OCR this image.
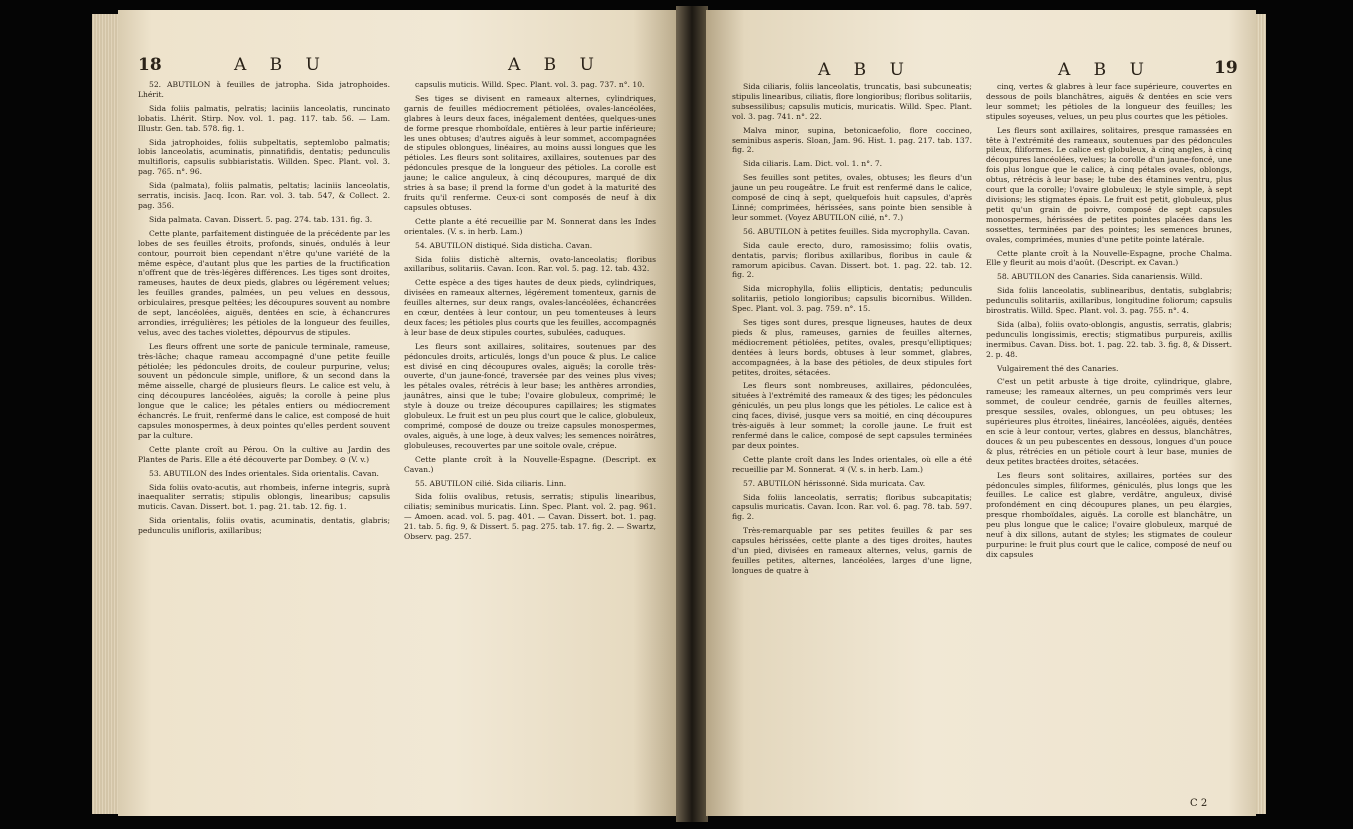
18	A B U	A B U

52. ABUTILON à feuilles de jatropha. Sida jatrophoides. Lhérit.

Sida foliis palmatis, pelratis; laciniis lanceolatis, runcinato lobatis. Lhérit. Stirp. Nov. vol. 1. pag. 117. tab. 56. — Lam. Illustr. Gen. tab. 578. fig. 1.

Sida jatrophoides, foliis subpeltatis, septemlobo palmatis; lobis lanceolatis, acuminatis, pinnatifidis, dentatis; pedunculis multifloris, capsulis subbiaristatis. Willden. Spec. Plant. vol. 3. pag. 765. n°. 96.

Sida (palmata), foliis palmatis, peltatis; laciniis lanceolatis, serratis, incisis. Jacq. Icon. Rar. vol. 3. tab. 547, & Collect. 2. pag. 356.

Sida palmata. Cavan. Dissert. 5. pag. 274. tab. 131. fig. 3.

Cette plante, parfaitement distinguée de la précédente par les lobes de ses feuilles étroits, profonds, sinués, ondulés à leur contour, pourroit bien cependant n'être qu'une variété de la même espèce, d'autant plus que les parties de la fructification n'offrent que de très-légères différences. Les tiges sont droites, rameuses, hautes de deux pieds, glabres ou légérement velues; les feuilles grandes, palmées, un peu velues en dessous, orbiculaires, presque peltées; les découpures souvent au nombre de sept, lancéolées, aiguës, dentées en scie, à échancrures arrondies, irrégulières; les pétioles de la longueur des feuilles, velus, avec des taches violettes, dépourvus de stipules.

Les fleurs offrent une sorte de panicule terminale, rameuse, très-lâche; chaque rameau accompagné d'une petite feuille pétiolée; les pédoncules droits, de couleur purpurine, velus; souvent un pédoncule simple, uniflore, & un second dans la même aisselle, chargé de plusieurs fleurs. Le calice est velu, à cinq découpures lancéolées, aiguës; la corolle à peine plus longue que le calice; les pétales entiers ou médiocrement échancrés. Le fruit, renfermé dans le calice, est composé de huit capsules monospermes, à deux pointes qu'elles perdent souvent par la culture.

Cette plante croît au Pérou. On la cultive au Jardin des Plantes de Paris. Elle a été découverte par Dombey. ⊙ (V. v.)

53. ABUTILON des Indes orientales. Sida orientalis. Cavan.

Sida foliis ovato-acutis, aut rhombeis, inferne integris, suprà inaequaliter serratis; stipulis oblongis, linearibus; capsulis muticis. Cavan. Dissert. bot. 1. pag. 21. tab. 12. fig. 1.

Sida orientalis, foliis ovatis, acuminatis, dentatis, glabris; pedunculis unifloris, axillaribus;

capsulis muticis. Willd. Spec. Plant. vol. 3. pag. 737. n°. 10.

Ses tiges se divisent en rameaux alternes, cylindriques, garnis de feuilles médiocrement pétiolées, ovales-lancéolées, glabres à leurs deux faces, inégalement dentées, quelques-unes de forme presque rhomboïdale, entières à leur partie inférieure; les unes obtuses; d'autres aiguës à leur sommet, accompagnées de stipules oblongues, linéaires, au moins aussi longues que les pétioles. Les fleurs sont solitaires, axillaires, soutenues par des pédoncules presque de la longueur des pétioles. La corolle est jaune; le calice anguleux, à cinq découpures, marqué de dix stries à sa base; il prend la forme d'un godet à la maturité des fruits qu'il renferme. Ceux-ci sont composés de neuf à dix capsules obtuses.

Cette plante a été recueillie par M. Sonnerat dans les Indes orientales. (V. s. in herb. Lam.)

54. ABUTILON distiqué. Sida disticha. Cavan.

Sida foliis distichè alternis, ovato-lanceolatis; floribus axillaribus, solitariis. Cavan. Icon. Rar. vol. 5. pag. 12. tab. 432.

Cette espèce a des tiges hautes de deux pieds, cylindriques, divisées en rameaux alternes, légérement tomenteux, garnis de feuilles alternes, sur deux rangs, ovales-lancéolées, échancrées en cœur, dentées à leur contour, un peu tomenteuses à leurs deux faces; les pétioles plus courts que les feuilles, accompagnés à leur base de deux stipules courtes, subulées, caduques.

Les fleurs sont axillaires, solitaires, soutenues par des pédoncules droits, articulés, longs d'un pouce & plus. Le calice est divisé en cinq découpures ovales, aiguës; la corolle très-ouverte, d'un jaune-foncé, traversée par des veines plus vives; les pétales ovales, rétrécis à leur base; les anthères arrondies, jaunâtres, ainsi que le tube; l'ovaire globuleux, comprimé; le style à douze ou treize découpures capillaires; les stigmates globuleux. Le fruit est un peu plus court que le calice, globuleux, comprimé, composé de douze ou treize capsules monospermes, ovales, aiguës, à une loge, à deux valves; les semences noirâtres, globuleuses, recouvertes par une soitole ovale, crépue.

Cette plante croît à la Nouvelle-Espagne. (Descript. ex Cavan.)

55. ABUTILON cilié. Sida ciliaris. Linn.

Sida foliis ovalibus, retusis, serratis; stipulis linearibus, ciliatis; seminibus muricatis. Linn. Spec. Plant. vol. 2. pag. 961. — Amoen. acad. vol. 5. pag. 401. — Cavan. Dissert. bot. 1. pag. 21. tab. 5. fig. 9, & Dissert. 5. pag. 275. tab. 17. fig. 2. — Swartz, Observ. pag. 257.

A B U	A B U	19

Sida ciliaris, foliis lanceolatis, truncatis, basi subcuneatis; stipulis linearibus, ciliatis, flore longioribus; floribus solitariis, subsessilibus; capsulis muticis, muricatis. Willd. Spec. Plant. vol. 3. pag. 741. n°. 22.

Malva minor, supina, betonicaefolio, flore coccineo, seminibus asperis. Sloan, Jam. 96. Hist. 1. pag. 217. tab. 137. fig. 2.

Sida ciliaris. Lam. Dict. vol. 1. n°. 7.

Ses feuilles sont petites, ovales, obtuses; les fleurs d'un jaune un peu rougeâtre. Le fruit est renfermé dans le calice, composé de cinq à sept, quelquefois huit capsules, d'après Linné; comprimées, hérissées, sans pointe bien sensible à leur sommet. (Voyez ABUTILON cilié, n°. 7.)

56. ABUTILON à petites feuilles. Sida mycrophylla. Cavan.

Sida caule erecto, duro, ramosissimo; foliis ovatis, dentatis, parvis; floribus axillaribus, floribus in caule & ramorum apicibus. Cavan. Dissert. bot. 1. pag. 22. tab. 12. fig. 2.

Sida microphylla, foliis ellipticis, dentatis; pedunculis solitariis, petiolo longioribus; capsulis bicornibus. Willden. Spec. Plant. vol. 3. pag. 759. n°. 15.

Ses tiges sont dures, presque ligneuses, hautes de deux pieds & plus, rameuses, garnies de feuilles alternes, médiocrement pétiolées, petites, ovales, presqu'elliptiques; dentées à leurs bords, obtuses à leur sommet, glabres, accompagnées, à la base des pétioles, de deux stipules fort petites, droites, sétacées.

Les fleurs sont nombreuses, axillaires, pédonculées, situées à l'extrémité des rameaux & des tiges; les pédoncules géniculés, un peu plus longs que les pétioles. Le calice est à cinq faces, divisé, jusque vers sa moitié, en cinq découpures très-aiguës à leur sommet; la corolle jaune. Le fruit est renfermé dans le calice, composé de sept capsules terminées par deux pointes.

Cette plante croît dans les Indes orientales, où elle a été recueillie par M. Sonnerat. ♃ (V. s. in herb. Lam.)

57. ABUTILON hérissonné. Sida muricata. Cav.

Sida foliis lanceolatis, serratis; floribus subcapitatis; capsulis muricatis. Cavan. Icon. Rar. vol. 6. pag. 78. tab. 597. fig. 2.

Très-remarquable par ses petites feuilles & par ses capsules hérissées, cette plante a des tiges droites, hautes d'un pied, divisées en rameaux alternes, velus, garnis de feuilles petites, alternes, lancéolées, larges d'une ligne, longues de quatre à

cinq, vertes & glabres à leur face supérieure, couvertes en dessous de poils blanchâtres, aiguës & dentées en scie vers leur sommet; les pétioles de la longueur des feuilles; les stipules soyeuses, velues, un peu plus courtes que les pétioles.

Les fleurs sont axillaires, solitaires, presque ramassées en tête à l'extrémité des rameaux, soutenues par des pédoncules pileux, filiformes. Le calice est globuleux, à cinq angles, à cinq découpures lancéolées, velues; la corolle d'un jaune-foncé, une fois plus longue que le calice, à cinq pétales ovales, oblongs, obtus, rétrécis à leur base; le tube des étamines ventru, plus court que la corolle; l'ovaire globuleux; le style simple, à sept divisions; les stigmates épais. Le fruit est petit, globuleux, plus petit qu'un grain de poivre, composé de sept capsules monospermes, hérissées de petites pointes placées dans les sossettes, terminées par des pointes; les semences brunes, ovales, comprimées, munies d'une petite pointe latérale.

Cette plante croît à la Nouvelle-Espagne, proche Chalma. Elle y fleurit au mois d'août. (Descript. ex Cavan.)

58. ABUTILON des Canaries. Sida canariensis. Willd.

Sida foliis lanceolatis, sublinearibus, dentatis, subglabris; pedunculis solitariis, axillaribus, longitudine foliorum; capsulis birostratis. Willd. Spec. Plant. vol. 3. pag. 755. n°. 4.

Sida (alba), foliis ovato-oblongis, angustis, serratis, glabris; pedunculis longissimis, erectis; stigmatibus purpureis, axillis inermibus. Cavan. Diss. bot. 1. pag. 22. tab. 3. fig. 8, & Dissert. 2. p. 48.

Vulgairement thé des Canaries.

C'est un petit arbuste à tige droite, cylindrique, glabre, rameuse; les rameaux alternes, un peu comprimés vers leur sommet, de couleur cendrée, garnis de feuilles alternes, presque sessiles, ovales, oblongues, un peu obtuses; les supérieures plus étroites, linéaires, lancéolées, aiguës, dentées en scie à leur contour, vertes, glabres en dessus, blanchâtres, douces & un peu pubescentes en dessous, longues d'un pouce & plus, rétrécies en un pétiole court à leur base, munies de deux petites bractées droites, sétacées.

Les fleurs sont solitaires, axillaires, portées sur des pédoncules simples, filiformes, géniculés, plus longs que les feuilles. Le calice est glabre, verdâtre, anguleux, divisé profondément en cinq découpures planes, un peu élargies, presque rhomboïdales, aiguës. La corolle est blanchâtre, un peu plus longue que le calice; l'ovaire globuleux, marqué de neuf à dix sillons, autant de styles; les stigmates de couleur purpurine: le fruit plus court que le calice, composé de neuf ou dix capsules

C 2
